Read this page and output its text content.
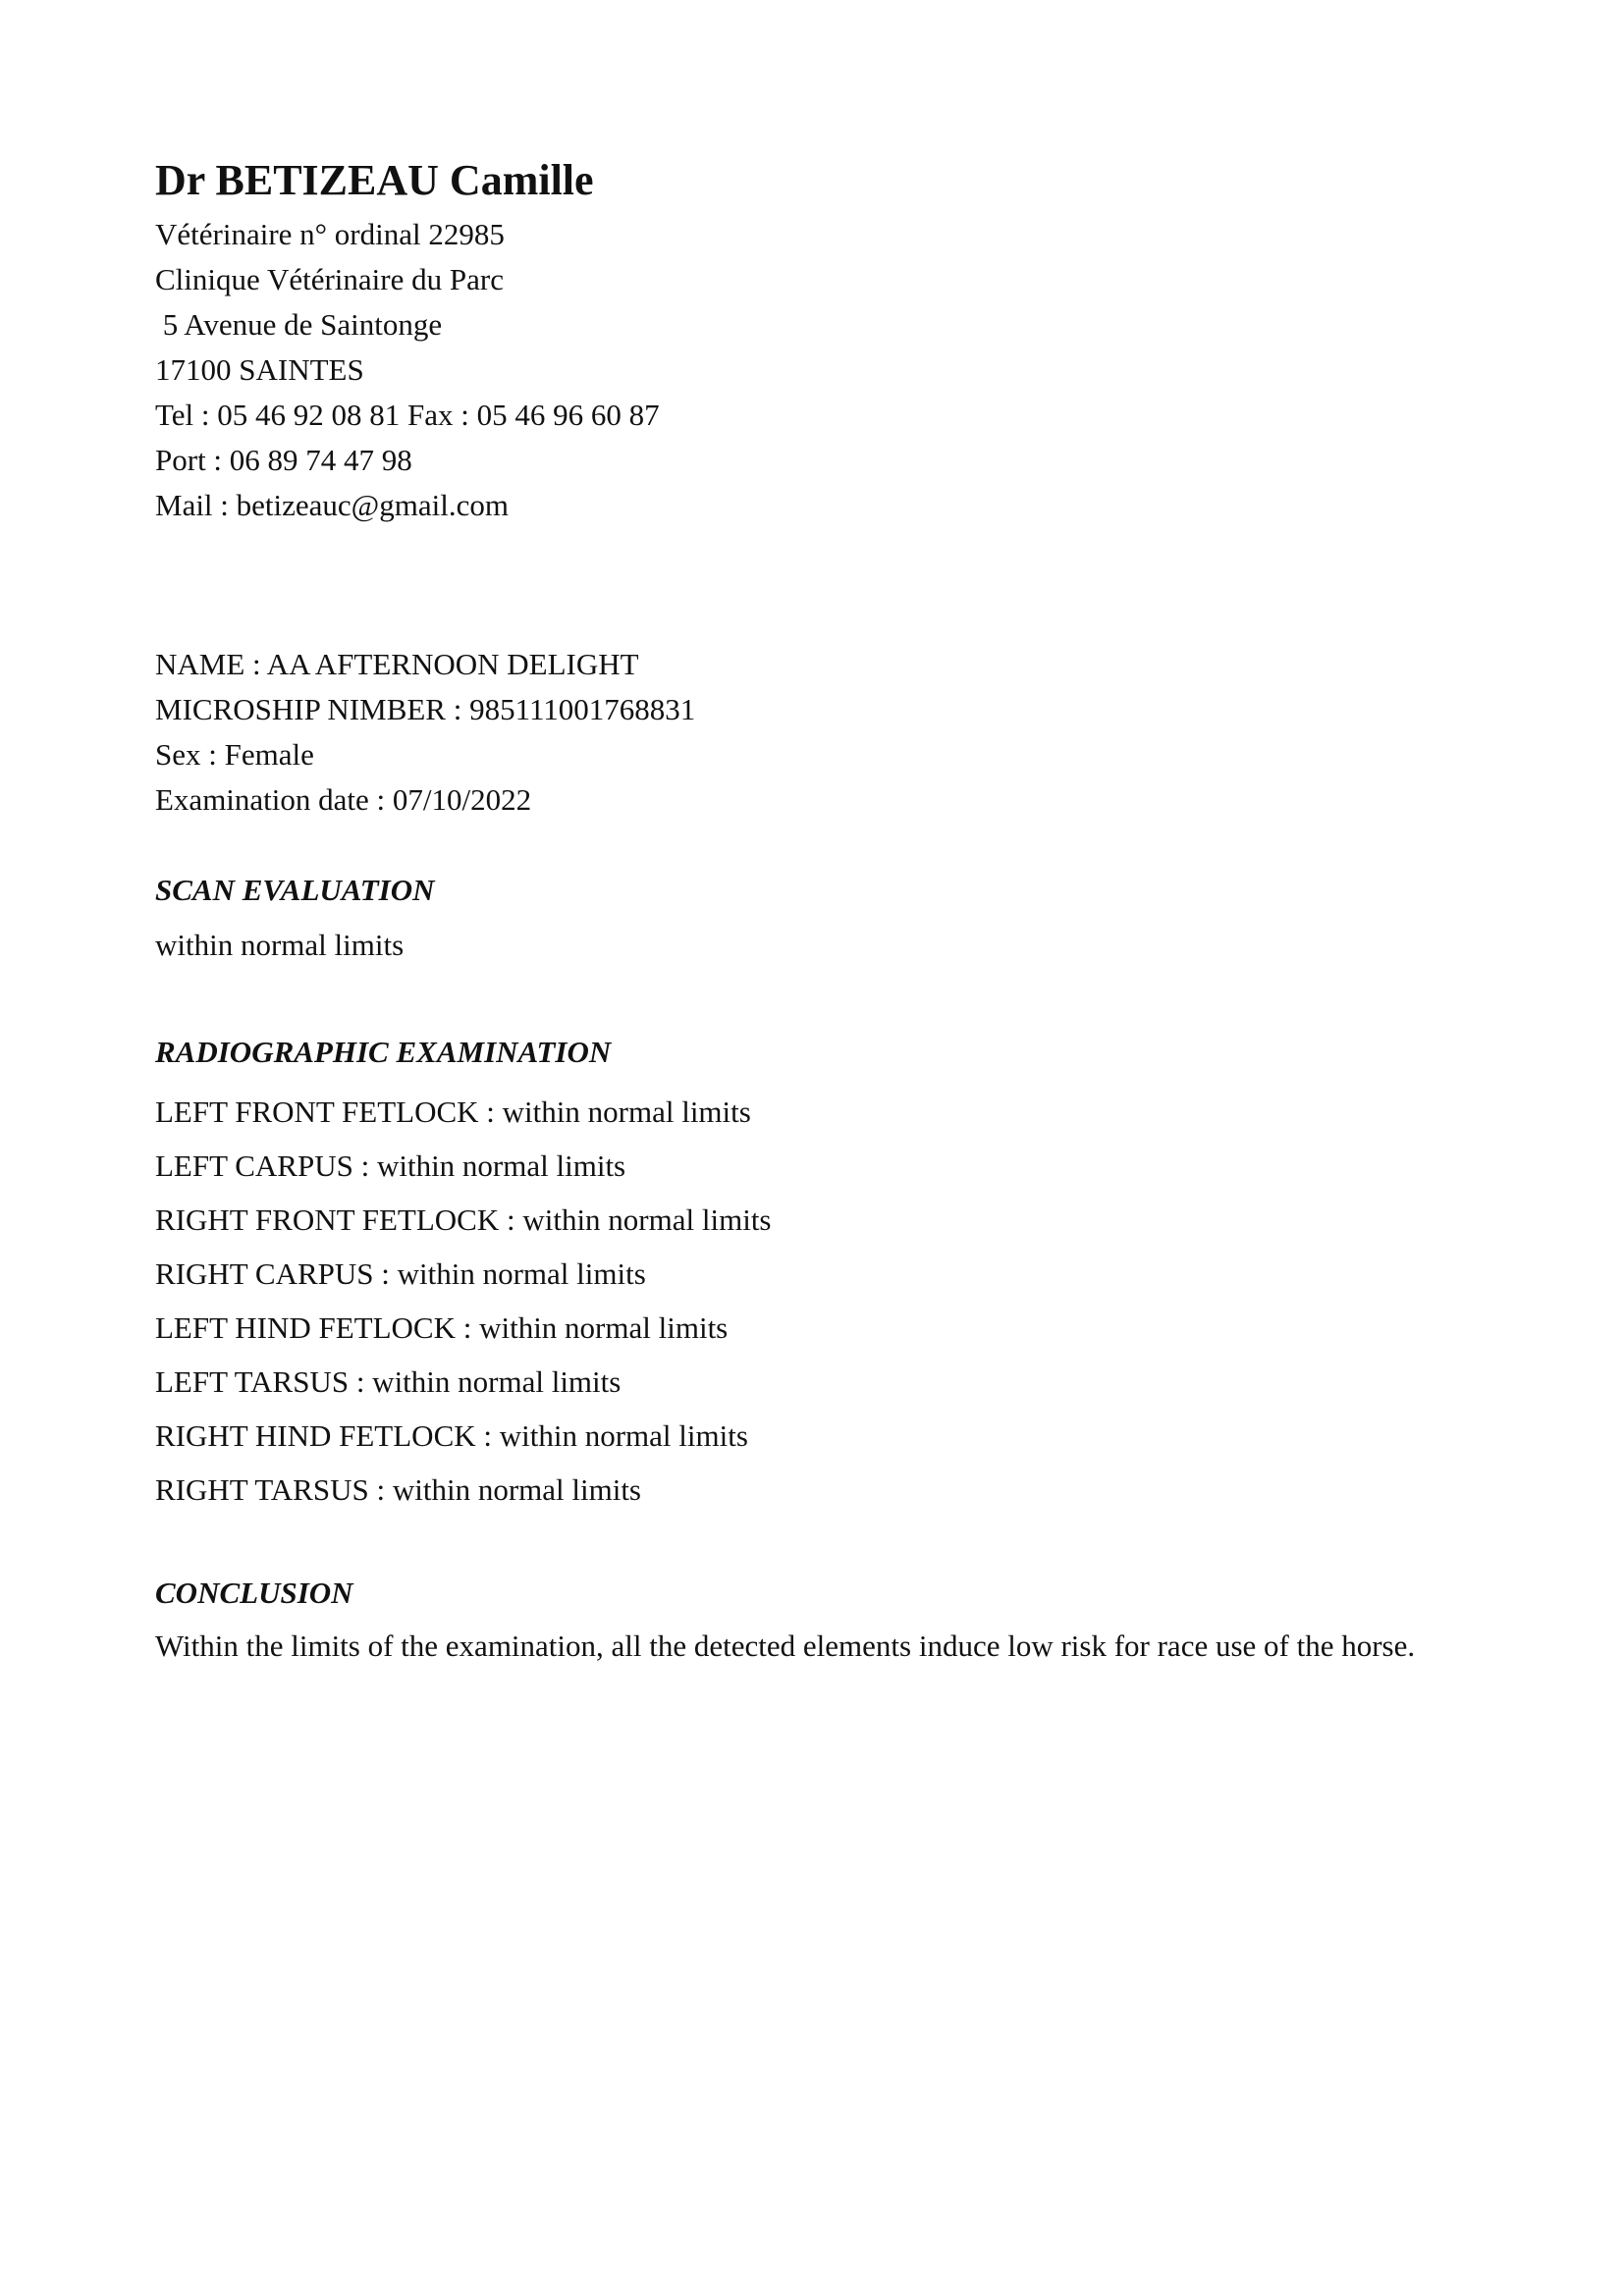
Dr BETIZEAU Camille
Vétérinaire n° ordinal 22985
Clinique Vétérinaire du Parc
5 Avenue de Saintonge
17100 SAINTES
Tel : 05 46 92 08 81 Fax : 05 46 96 60 87
Port : 06 89 74 47 98
Mail : betizeauc@gmail.com
NAME : AA AFTERNOON DELIGHT
MICROSHIP NIMBER : 985111001768831
Sex : Female
Examination date : 07/10/2022
SCAN EVALUATION
within normal limits
RADIOGRAPHIC EXAMINATION
LEFT FRONT FETLOCK : within normal limits
LEFT CARPUS : within normal limits
RIGHT FRONT FETLOCK : within normal limits
RIGHT CARPUS : within normal limits
LEFT HIND FETLOCK : within normal limits
LEFT TARSUS : within normal limits
RIGHT HIND FETLOCK : within normal limits
RIGHT TARSUS : within normal limits
CONCLUSION
Within the limits of the examination, all the detected elements induce low risk for race use of the horse.
